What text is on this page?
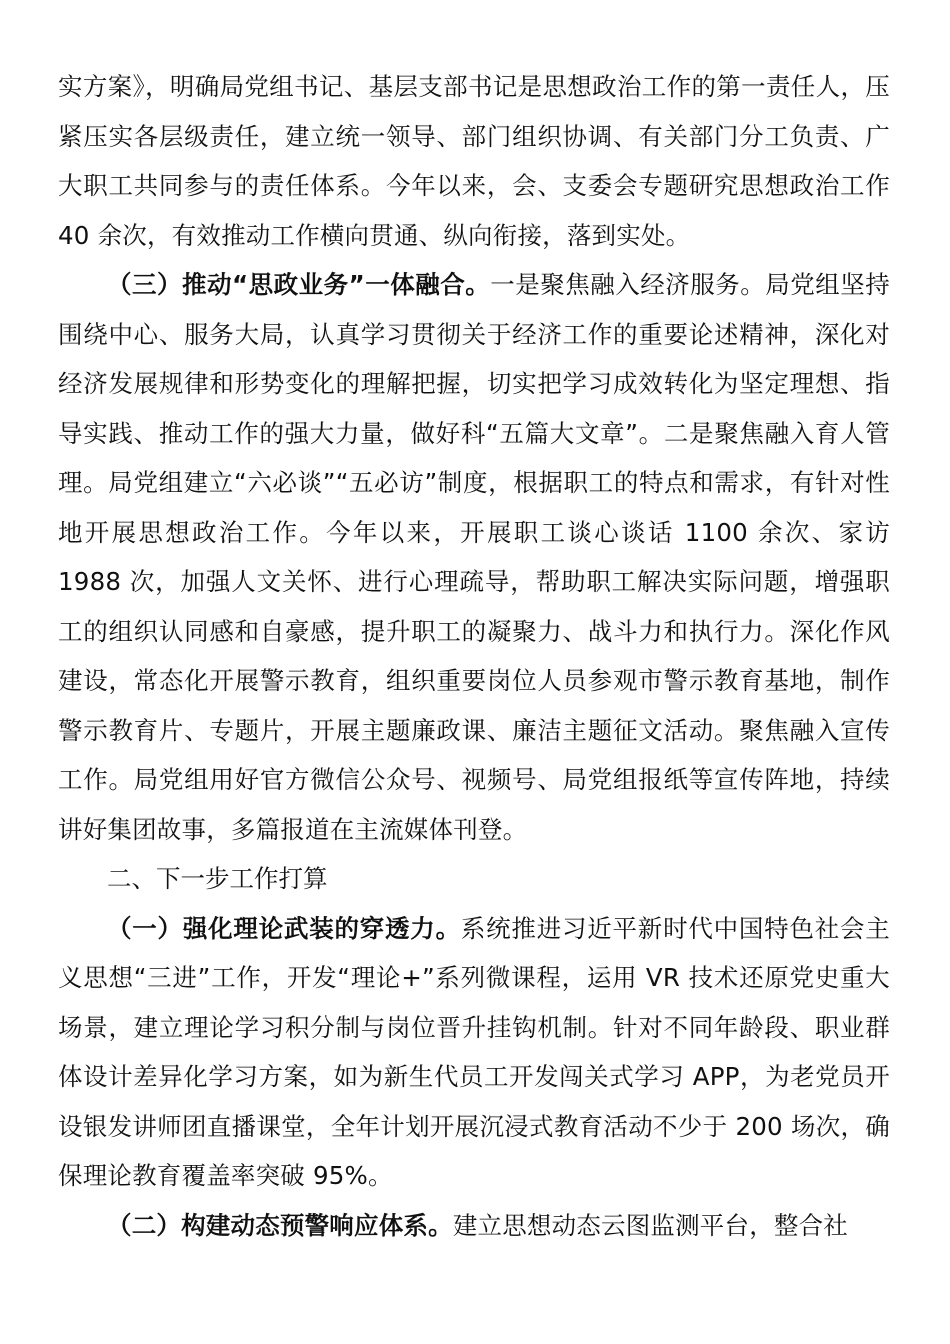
实方案》，明确局党组书记、基层支部书记是思想政治工作的第一责任人，压紧压实各层级责任，建立统一领导、部门组织协调、有关部门分工负责、广大职工共同参与的责任体系。今年以来，会、支委会专题研究思想政治工作 40 余次，有效推动工作横向贯通、纵向衔接，落到实处。

（三）推动“思政业务”一体融合。一是聚焦融入经济服务。局党组坚持围绕中心、服务大局，认真学习贯彻关于经济工作的重要论述精神，深化对经济发展规律和形势变化的理解把握，切实把学习成效转化为坚定理想、指导实践、推动工作的强大力量，做好科“五篇大文章”。二是聚焦融入育人管理。局党组建立“六必谈”“五必访”制度，根据职工的特点和需求，有针对性地开展思想政治工作。今年以来，开展职工谈心谈话 1100 余次、家访 1988 次，加强人文关怀、进行心理疏导，帮助职工解决实际问题，增强职工的组织认同感和自豪感，提升职工的凝聚力、战斗力和执行力。深化作风建设，常态化开展警示教育，组织重要岗位人员参观市警示教育基地，制作警示教育片、专题片，开展主题廉政课、廉洁主题征文活动。聚焦融入宣传工作。局党组用好官方微信公众号、视频号、局党组报纸等宣传阵地，持续讲好集团故事，多篇报道在主流媒体刊登。

二、下一步工作打算

（一）强化理论武装的穿透力。系统推进习近平新时代中国特色社会主义思想“三进”工作，开发“理论+”系列微课程，运用 VR 技术还原党史重大场景，建立理论学习积分制与岗位晋升挂钩机制。针对不同年龄段、职业群体设计差异化学习方案，如为新生代员工开发闯关式学习 APP，为老党员开设银发讲师团直播课堂，全年计划开展沉浸式教育活动不少于 200 场次，确保理论教育覆盖率突破 95%。

（二）构建动态预警响应体系。建立思想动态云图监测平台，整合社
